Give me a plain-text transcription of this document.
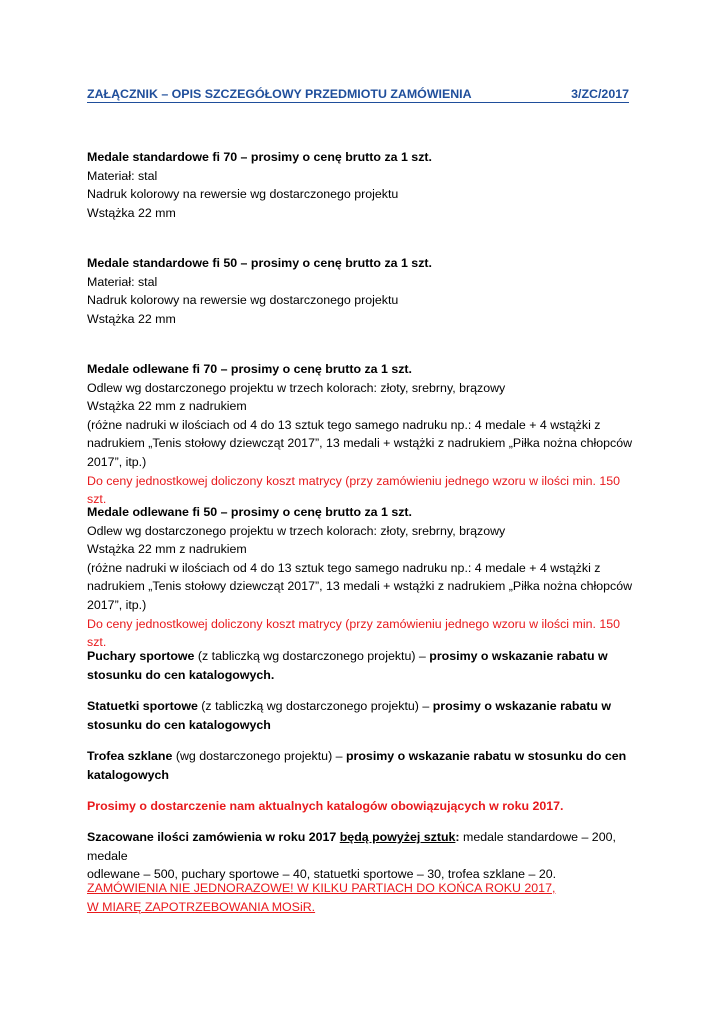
ZAŁĄCZNIK – OPIS SZCZEGÓŁOWY PRZEDMIOTU ZAMÓWIENIA	3/ZC/2017

Medale standardowe fi 70 – prosimy o cenę brutto za 1 szt.

Materiał: stal

Nadruk kolorowy na rewersie wg dostarczonego projektu

Wstążka 22 mm

Medale standardowe fi 50 – prosimy o cenę brutto za 1 szt.

Materiał: stal

Nadruk kolorowy na rewersie wg dostarczonego projektu

Wstążka 22 mm

Medale odlewane fi 70 – prosimy o cenę brutto za 1 szt.

Odlew wg dostarczonego projektu w trzech kolorach: złoty, srebrny, brązowy

Wstążka 22 mm z nadrukiem

(różne nadruki w ilościach od 4 do 13 sztuk tego samego nadruku np.: 4 medale + 4 wstążki z

nadrukiem „Tenis stołowy dziewcząt 2017”, 13 medali + wstążki z nadrukiem „Piłka nożna chłopców

2017”, itp.)

Do ceny jednostkowej doliczony koszt matrycy (przy zamówieniu jednego wzoru w ilości min. 150 szt.

Medale odlewane fi 50 – prosimy o cenę brutto za 1 szt.

Odlew wg dostarczonego projektu w trzech kolorach: złoty, srebrny, brązowy

Wstążka 22 mm z nadrukiem

(różne nadruki w ilościach od 4 do 13 sztuk tego samego nadruku np.: 4 medale + 4 wstążki z

nadrukiem „Tenis stołowy dziewcząt 2017”, 13 medali + wstążki z nadrukiem „Piłka nożna chłopców

2017”, itp.)

Do ceny jednostkowej doliczony koszt matrycy (przy zamówieniu jednego wzoru w ilości min. 150 szt.

Puchary sportowe (z tabliczką wg dostarczonego projektu) – prosimy o wskazanie rabatu w

stosunku do cen katalogowych.

Statuetki sportowe (z tabliczką wg dostarczonego projektu) – prosimy o wskazanie rabatu w

stosunku do cen katalogowych

Trofea szklane (wg dostarczonego projektu) – prosimy o wskazanie rabatu w stosunku do cen

katalogowych

Prosimy o dostarczenie nam aktualnych katalogów obowiązujących w roku 2017.

Szacowane ilości zamówienia w roku 2017 będą powyżej sztuk: medale standardowe – 200, medale

odlewane – 500, puchary sportowe – 40, statuetki sportowe – 30, trofea szklane – 20.

ZAMÓWIENIA NIE JEDNORAZOWE! W KILKU PARTIACH DO KOŃCA ROKU 2017,

W MIARĘ ZAPOTRZEBOWANIA MOSiR.
